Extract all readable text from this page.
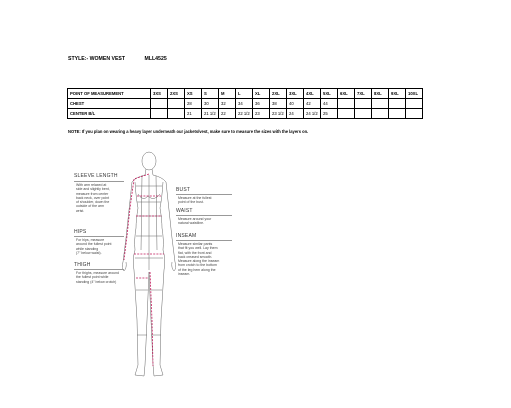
STYLE:- WOMEN VEST	MLL4525
POINT OF MEASUREMENT	3XS	2XS	XS	S	M	L	XL	2XL	3XL	4XL	5XL	6XL	7XL	8XL	9XL	10XL
CHEST			28	30	32	34	36	38	40	42	44					
CENTER B/L			21	21 1/2	22	22 1/2	23	23 1/2	24	24 1/2	25					
NOTE: If you plan on wearing a heavy layer underneath our jackets/vest, make sure to measure the sizes with the layers on.
SLEEVE LENGTH
With arm relaxed at
side and slightly bent,
measure from center
back neck, over point
of shoulder, down the
outside of the arm
wrist.
HIPS
For hips, measure
around the fullest point
while standing
(7" below waist).
THIGH
For thighs, measure around
the fullest point while
standing (4" below crotch)
BUST
Measure at the fullest
point of the bust.
WAIST
Measure around your
natural waistline.
INSEAM
Measure similar pants
that fit you well. Lay them
flat, with the front and
back creased smooth.
Measure along the inseam
from crotch to the bottom
of the leg hem along the
inseam.
